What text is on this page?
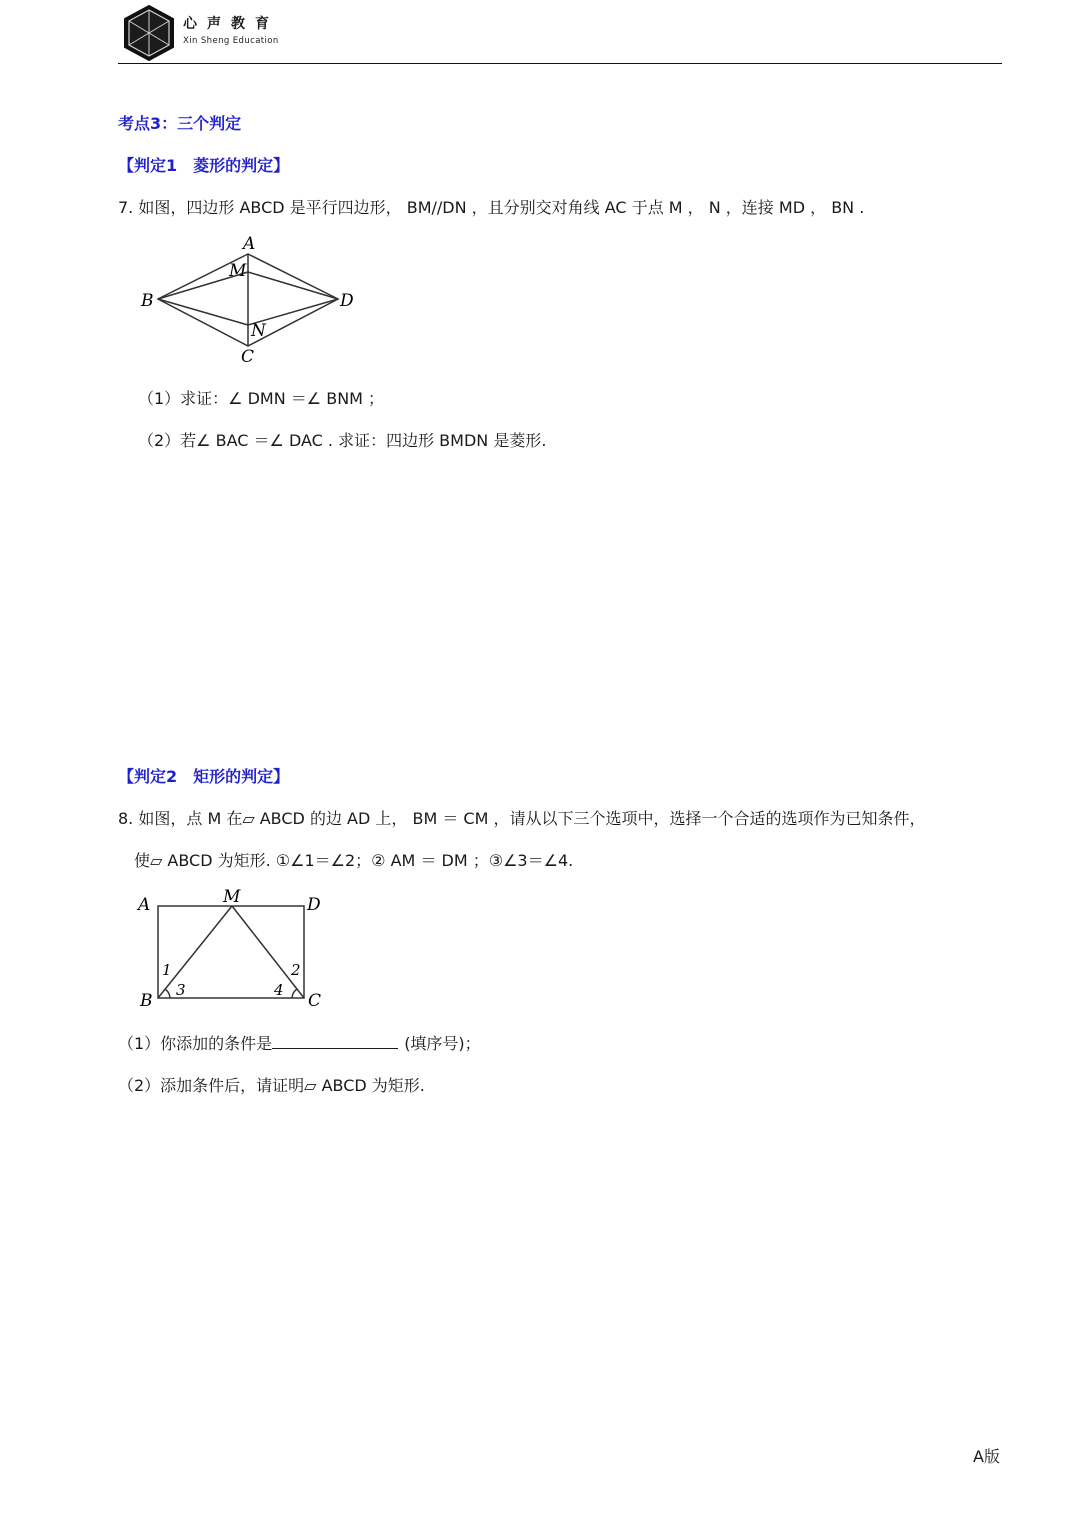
心声教育
Xin Sheng Education
考点3：三个判定
【判定1　菱形的判定】
7. 如图，四边形 ABCD 是平行四边形， BM//DN ，且分别交对角线 AC 于点 M ， N ，连接 MD ， BN .
A
M
B	D
N
C
（1）求证：∠ DMN ＝∠ BNM ；
（2）若∠ BAC ＝∠ DAC . 求证：四边形 BMDN 是菱形.
【判定2　矩形的判定】
8. 如图，点 M 在▱ ABCD 的边 AD 上， BM ＝ CM ，请从以下三个选项中，选择一个合适的选项作为已知条件，
使▱ ABCD 为矩形. ①∠1＝∠2；② AM ＝ DM ；③∠3＝∠4.
A	M	D
B	C
1	2
3	4
（1）你添加的条件是	(填序号)；
（2）添加条件后，请证明▱ ABCD 为矩形.
A版
